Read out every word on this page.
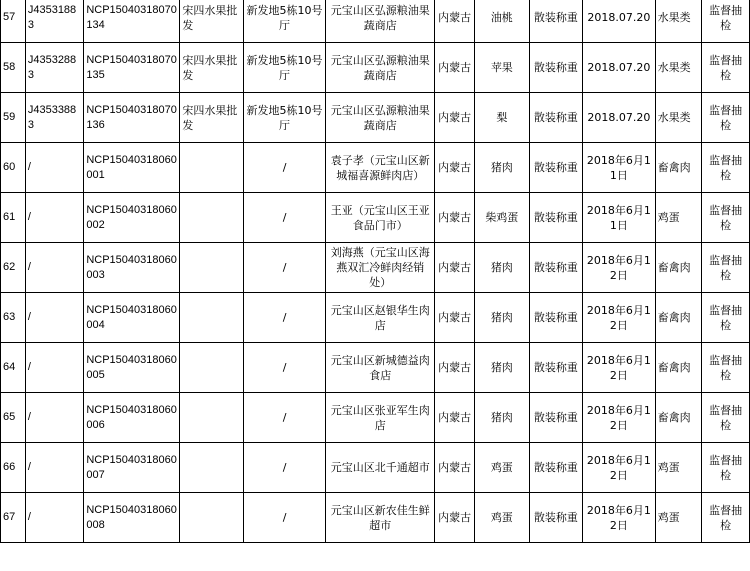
57	J43531883	NCP15040318070134	宋四水果批发	新发地5栋10号厅	元宝山区弘源粮油果蔬商店	内蒙古	油桃	散装称重	2018.07.20	水果类	监督抽检
58	J43532883	NCP15040318070135	宋四水果批发	新发地5栋10号厅	元宝山区弘源粮油果蔬商店	内蒙古	苹果	散装称重	2018.07.20	水果类	监督抽检
59	J43533883	NCP15040318070136	宋四水果批发	新发地5栋10号厅	元宝山区弘源粮油果蔬商店	内蒙古	梨	散装称重	2018.07.20	水果类	监督抽检
60	/	NCP15040318060001		/	袁子孝（元宝山区新城福喜源鲜肉店）	内蒙古	猪肉	散装称重	2018年6月11日	畜禽肉	监督抽检
61	/	NCP15040318060002		/	王亚（元宝山区王亚食品门市）	内蒙古	柴鸡蛋	散装称重	2018年6月11日	鸡蛋	监督抽检
62	/	NCP15040318060003		/	刘海燕（元宝山区海燕双汇冷鲜肉经销处）	内蒙古	猪肉	散装称重	2018年6月12日	畜禽肉	监督抽检
63	/	NCP15040318060004		/	元宝山区赵银华生肉店	内蒙古	猪肉	散装称重	2018年6月12日	畜禽肉	监督抽检
64	/	NCP15040318060005		/	元宝山区新城德益肉食店	内蒙古	猪肉	散装称重	2018年6月12日	畜禽肉	监督抽检
65	/	NCP15040318060006		/	元宝山区张亚军生肉店	内蒙古	猪肉	散装称重	2018年6月12日	畜禽肉	监督抽检
66	/	NCP15040318060007		/	元宝山区北千通超市	内蒙古	鸡蛋	散装称重	2018年6月12日	鸡蛋	监督抽检
67	/	NCP15040318060008		/	元宝山区新农佳生鲜超市	内蒙古	鸡蛋	散装称重	2018年6月12日	鸡蛋	监督抽检
